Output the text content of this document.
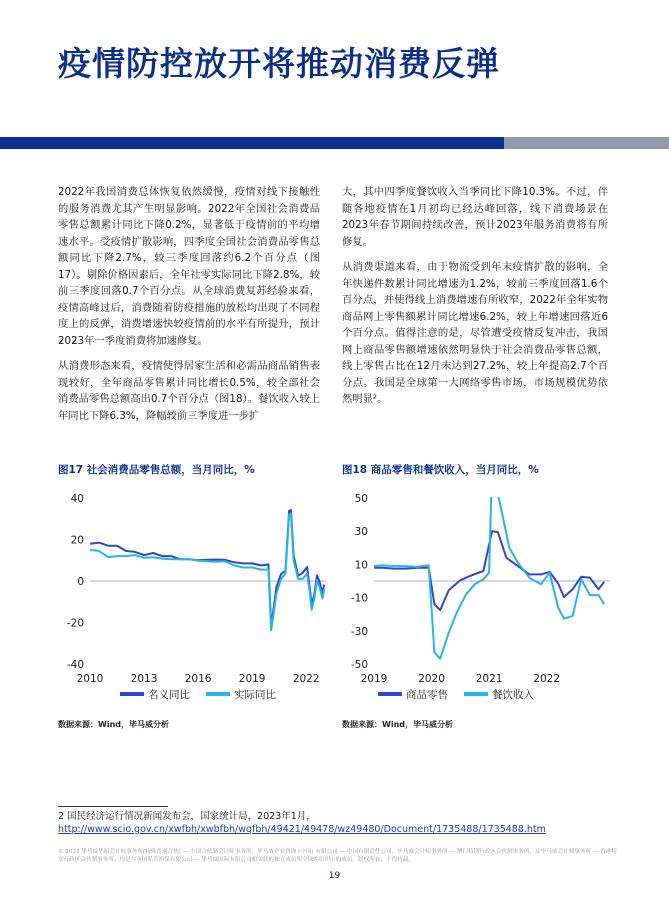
疫情防控放开将推动消费反弹

2022年我国消费总体恢复依然缓慢，疫情对线下接触性的服务消费尤其产生明显影响。2022年全国社会消费品零售总额累计同比下降0.2%，显著低于疫情前的平均增速水平。受疫情扩散影响，四季度全国社会消费品零售总额同比下降2.7%，较三季度回落约6.2个百分点（图17）。剔除价格因素后，全年社零实际同比下降2.8%，较前三季度回落0.7个百分点。从全球消费复苏经验来看，疫情高峰过后，消费随着防疫措施的放松均出现了不同程度上的反弹，消费增速快较疫情前的水平有所提升，预计2023年一季度消费将加速修复。

从消费形态来看，疫情使得居家生活和必需品商品销售表现较好，全年商品零售累计同比增长0.5%，较全部社会消费品零售总额高出0.7个百分点（图18）。餐饮收入较上年同比下降6.3%，降幅较前三季度进一步扩

大，其中四季度餐饮收入当季同比下降10.3%。不过，伴随各地疫情在1月初均已经达峰回落，线下消费场景在2023年春节期间持续改善，预计2023年服务消费将有所修复。

从消费渠道来看，由于物流受到年末疫情扩散的影响，全年快递件数累计同比增速为1.2%，较前三季度回落1.6个百分点，并使得线上消费增速有所收窄，2022年全年实物商品网上零售额累计同比增速6.2%，较上年增速回落近6个百分点。值得注意的是，尽管遭受疫情反复冲击，我国网上商品零售额增速依然明显快于社会消费品零售总额，线上零售占比在12月末达到27.2%，较上年提高2.7个百分点。我国是全球第一大网络零售市场，市场规模优势依然明显²。

图17 社会消费品零售总额，当月同比，%	图18 商品零售和餐饮收入，当月同比，%
40
20
0
-20
-40
2010	2013	2016	2019	2022
名义同比	实际同比
50
30
10
-10
-30
-50
2019	2020	2021	2022
商品零售	餐饮收入
数据来源：Wind，毕马威分析	数据来源：Wind，毕马威分析
2 国民经济运行情况新闻发布会，国家统计局，2023年1月，
http://www.scio.gov.cn/xwfbh/xwbfbh/wqfbh/49421/49478/wz49480/Document/1735488/1735488.htm
© 2023 毕马威华振会计师事务所(特殊普通合伙) — 中国合伙制会计师事务所，毕马威企业咨询 (中国) 有限公司 — 中国有限责任公司，毕马威会计师事务所 — 澳门特别行政区合伙制事务所，及毕马威会计师事务所 — 香港特别行政区合伙制事务所，均是与英国私营担保有限公司 — 毕马威国际有限公司相关联的独立成员所全球性组织中的成员。版权所有，不得转载。
19
